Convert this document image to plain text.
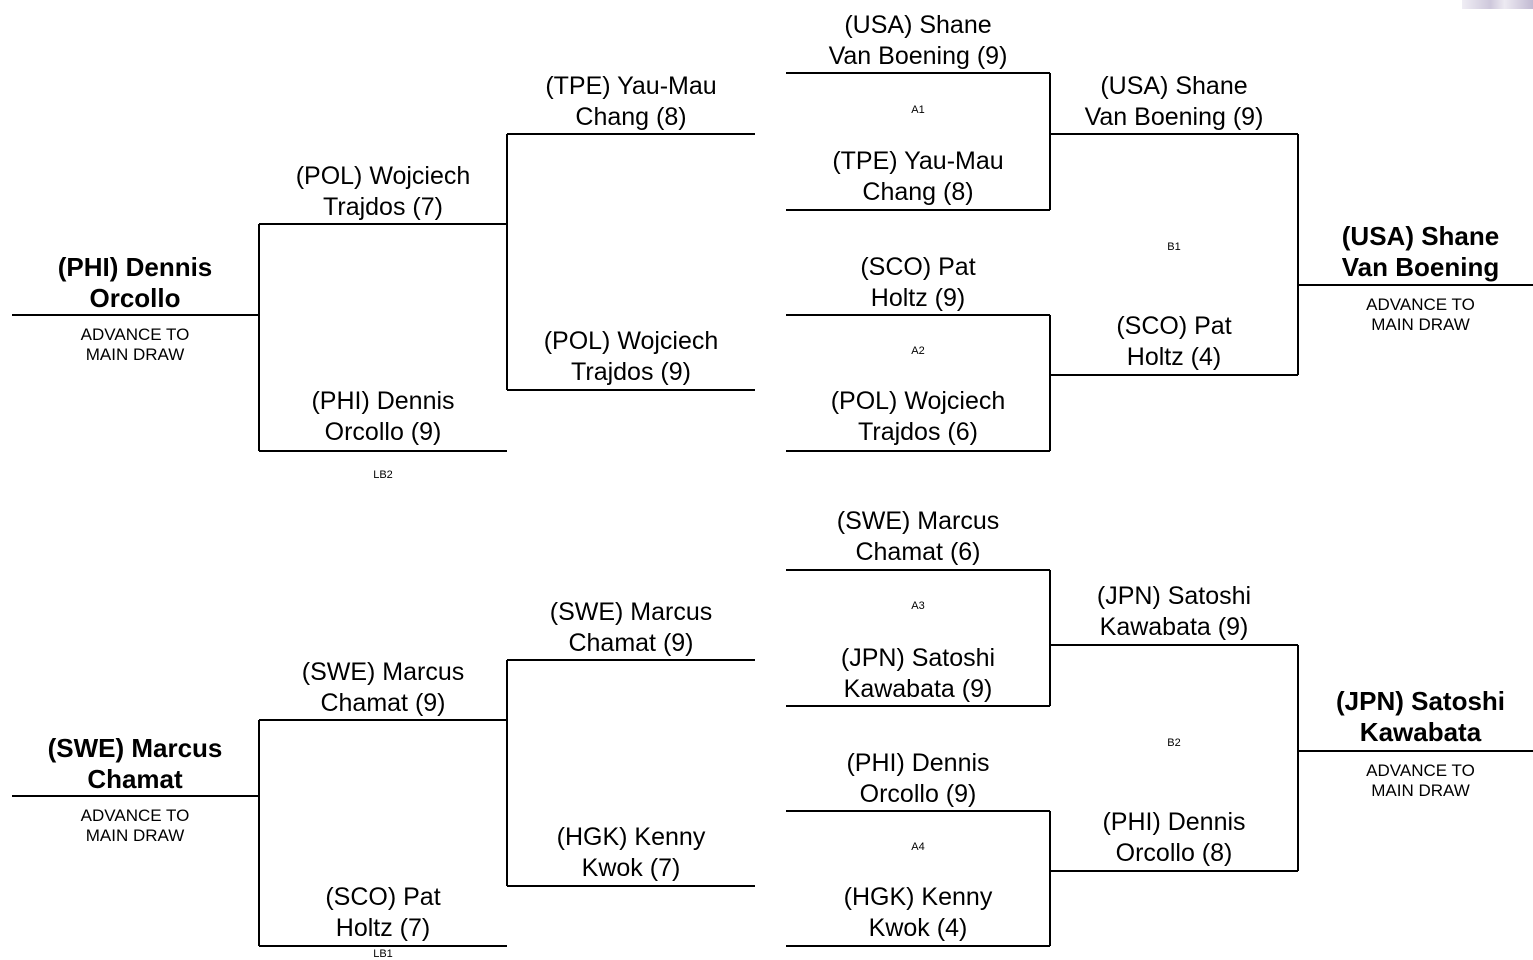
(PHI) Dennis
Orcollo
ADVANCE TO
MAIN DRAW
(POL) Wojciech
Trajdos (7)
(PHI) Dennis
Orcollo (9)
LB2
(TPE) Yau-Mau
Chang (8)
(POL) Wojciech
Trajdos (9)
(USA) Shane
Van Boening (9)
A1
(TPE) Yau-Mau
Chang (8)
(SCO) Pat
Holtz (9)
A2
(POL) Wojciech
Trajdos (6)
(USA) Shane
Van Boening (9)
B1
(SCO) Pat
Holtz (4)
(USA) Shane
Van Boening
ADVANCE TO
MAIN DRAW
(SWE) Marcus
Chamat
ADVANCE TO
MAIN DRAW
(SWE) Marcus
Chamat (9)
(SCO) Pat
Holtz (7)
LB1
(SWE) Marcus
Chamat (9)
(HGK) Kenny
Kwok (7)
(SWE) Marcus
Chamat (6)
A3
(JPN) Satoshi
Kawabata (9)
(PHI) Dennis
Orcollo (9)
A4
(HGK) Kenny
Kwok (4)
(JPN) Satoshi
Kawabata (9)
B2
(PHI) Dennis
Orcollo (8)
(JPN) Satoshi
Kawabata
ADVANCE TO
MAIN DRAW
